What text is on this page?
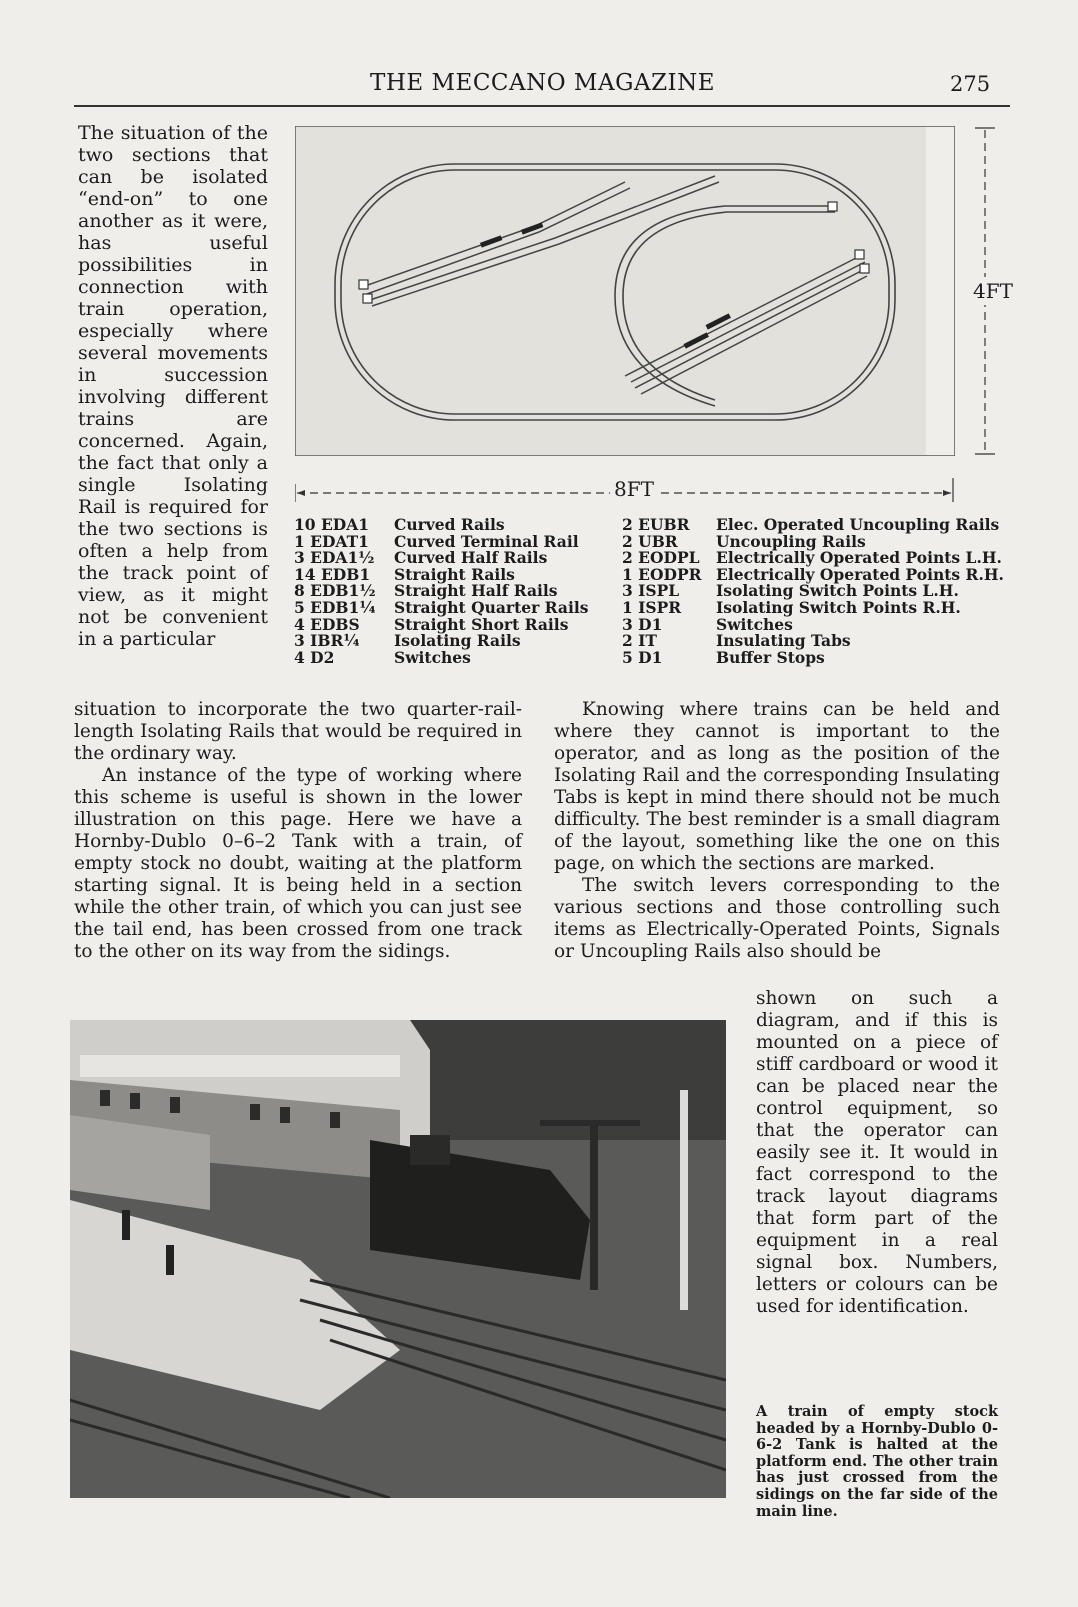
THE MECCANO MAGAZINE	275

The situation of the two sections that can be isolated “end-on” to one another as it were, has useful possibilities in connection with train operation, especially where several movements in succession involving different trains are concerned. Again, the fact that only a single Isolating Rail is required for the two sections is often a help from the track point of view, as it might not be convenient in a particular

8FT
4FT
10 EDA1 Curved Rails
1 EDAT1 Curved Terminal Rail
3 EDA1½ Curved Half Rails
14 EDB1 Straight Rails
8 EDB1½ Straight Half Rails
5 EDB1¼ Straight Quarter Rails
4 EDBS Straight Short Rails
3 IBR¼ Isolating Rails
4 D2	Switches
2 EUBR Elec. Operated Uncoupling Rails
2 UBR Uncoupling Rails
2 EODPL Electrically Operated Points L.H.
1 EODPR Electrically Operated Points R.H.
3 ISPL Isolating Switch Points L.H.
1 ISPR Isolating Switch Points R.H.
3 D1	Switches
2 IT	Insulating Tabs
5 D1	Buffer Stops

situation to incorporate the two quarter-rail-length Isolating Rails that would be required in the ordinary way.

An instance of the type of working where this scheme is useful is shown in the lower illustration on this page. Here we have a Hornby-Dublo 0–6–2 Tank with a train, of empty stock no doubt, waiting at the platform starting signal. It is being held in a section while the other train, of which you can just see the tail end, has been crossed from one track to the other on its way from the sidings.

Knowing where trains can be held and where they cannot is important to the operator, and as long as the position of the Isolating Rail and the corresponding Insulating Tabs is kept in mind there should not be much difficulty. The best reminder is a small diagram of the layout, something like the one on this page, on which the sections are marked.

The switch levers corresponding to the various sections and those controlling such items as Electrically-Operated Points, Signals or Uncoupling Rails also should be

shown on such a diagram, and if this is mounted on a piece of stiff cardboard or wood it can be placed near the control equipment, so that the operator can easily see it. It would in fact correspond to the track layout diagrams that form part of the equipment in a real signal box. Numbers, letters or colours can be used for identification.

A train of empty stock headed by a Hornby-Dublo 0-6-2 Tank is halted at the platform end. The other train has just crossed from the sidings on the far side of the main line.
